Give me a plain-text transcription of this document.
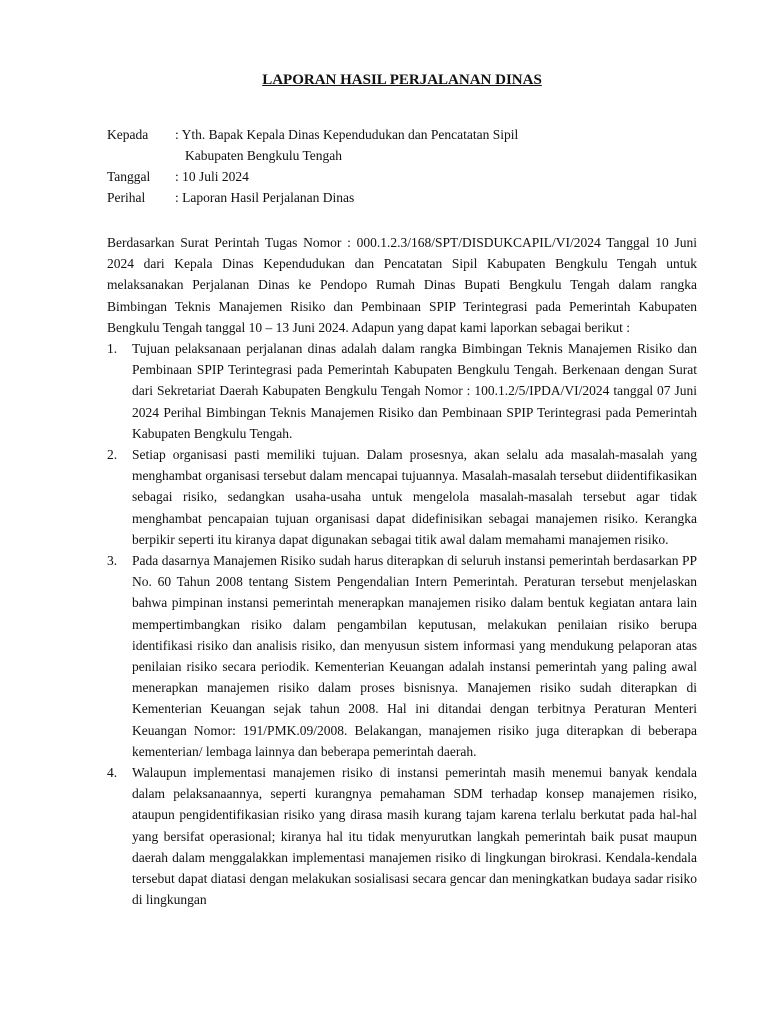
LAPORAN HASIL PERJALANAN DINAS
Kepada	: Yth. Bapak Kepala Dinas Kependudukan dan Pencatatan Sipil
Kabupaten Bengkulu Tengah
Tanggal	: 10 Juli 2024
Perihal	: Laporan Hasil Perjalanan Dinas

Berdasarkan Surat Perintah Tugas Nomor : 000.1.2.3/168/SPT/DISDUKCAPIL/VI/2024 Tanggal 10 Juni 2024 dari Kepala Dinas Kependudukan dan Pencatatan Sipil Kabupaten Bengkulu Tengah untuk melaksanakan Perjalanan Dinas ke Pendopo Rumah Dinas Bupati Bengkulu Tengah dalam rangka Bimbingan Teknis Manajemen Risiko dan Pembinaan SPIP Terintegrasi pada Pemerintah Kabupaten Bengkulu Tengah tanggal 10 – 13 Juni 2024. Adapun yang dapat kami laporkan sebagai berikut :

1.	Tujuan pelaksanaan perjalanan dinas adalah dalam rangka Bimbingan Teknis Manajemen Risiko dan Pembinaan SPIP Terintegrasi pada Pemerintah Kabupaten Bengkulu Tengah. Berkenaan dengan Surat dari Sekretariat Daerah Kabupaten Bengkulu Tengah Nomor : 100.1.2/5/IPDA/VI/2024 tanggal 07 Juni 2024 Perihal Bimbingan Teknis Manajemen Risiko dan Pembinaan SPIP Terintegrasi pada Pemerintah Kabupaten Bengkulu Tengah.
2.	Setiap organisasi pasti memiliki tujuan. Dalam prosesnya, akan selalu ada masalah-masalah yang menghambat organisasi tersebut dalam mencapai tujuannya. Masalah-masalah tersebut diidentifikasikan sebagai risiko, sedangkan usaha-usaha untuk mengelola masalah-masalah tersebut agar tidak menghambat pencapaian tujuan organisasi dapat didefinisikan sebagai manajemen risiko. Kerangka berpikir seperti itu kiranya dapat digunakan sebagai titik awal dalam memahami manajemen risiko.
3.	Pada dasarnya Manajemen Risiko sudah harus diterapkan di seluruh instansi pemerintah berdasarkan PP No. 60 Tahun 2008 tentang Sistem Pengendalian Intern Pemerintah. Peraturan tersebut menjelaskan bahwa pimpinan instansi pemerintah menerapkan manajemen risiko dalam bentuk kegiatan antara lain mempertimbangkan risiko dalam pengambilan keputusan, melakukan penilaian risiko berupa identifikasi risiko dan analisis risiko, dan menyusun sistem informasi yang mendukung pelaporan atas penilaian risiko secara periodik. Kementerian Keuangan adalah instansi pemerintah yang paling awal menerapkan manajemen risiko dalam proses bisnisnya. Manajemen risiko sudah diterapkan di Kementerian Keuangan sejak tahun 2008. Hal ini ditandai dengan terbitnya Peraturan Menteri Keuangan Nomor: 191/PMK.09/2008. Belakangan, manajemen risiko juga diterapkan di beberapa kementerian/ lembaga lainnya dan beberapa pemerintah daerah.
4.	Walaupun implementasi manajemen risiko di instansi pemerintah masih menemui banyak kendala dalam pelaksanaannya, seperti kurangnya pemahaman SDM terhadap konsep manajemen risiko, ataupun pengidentifikasian risiko yang dirasa masih kurang tajam karena terlalu berkutat pada hal-hal yang bersifat operasional; kiranya hal itu tidak menyurutkan langkah pemerintah baik pusat maupun daerah dalam menggalakkan implementasi manajemen risiko di lingkungan birokrasi. Kendala-kendala tersebut dapat diatasi dengan melakukan sosialisasi secara gencar dan meningkatkan budaya sadar risiko di lingkungan
